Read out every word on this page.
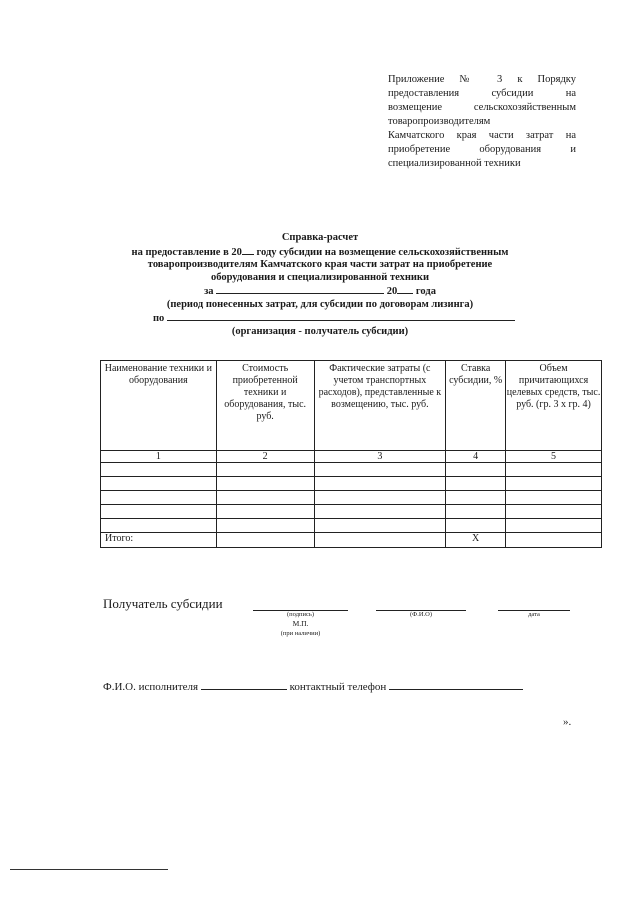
Приложение № 3 к Порядку
предоставления субсидии на
возмещение сельскохозяйственным
товаропроизводителям
Камчатского края части затрат на
приобретение оборудования и
специализированной техники
Справка-расчет
на предоставление в 20 году субсидии на возмещение сельскохозяйственным
товаропроизводителям Камчатского края части затрат на приобретение
оборудования и специализированной техники
за	20 года
(период понесенных затрат, для субсидии по договорам лизинга)
по
(организация - получатель субсидии)
Наименование техники и оборудования	Стоимость приобретенной техники и оборудования, тыс. руб.	Фактические затраты (с учетом транспортных расходов), представленные к возмещению, тыс. руб.	Ставка субсидии, %	Объем причитающихся целевых средств, тыс. руб. (гр. 3 х гр. 4)
1	2	3	4	5

Итого:			Х	
Получатель субсидии
(подпись)
М.П.
(при наличии)
(Ф.И.О)	дата
Ф.И.О. исполнителя	контактный телефон
».
